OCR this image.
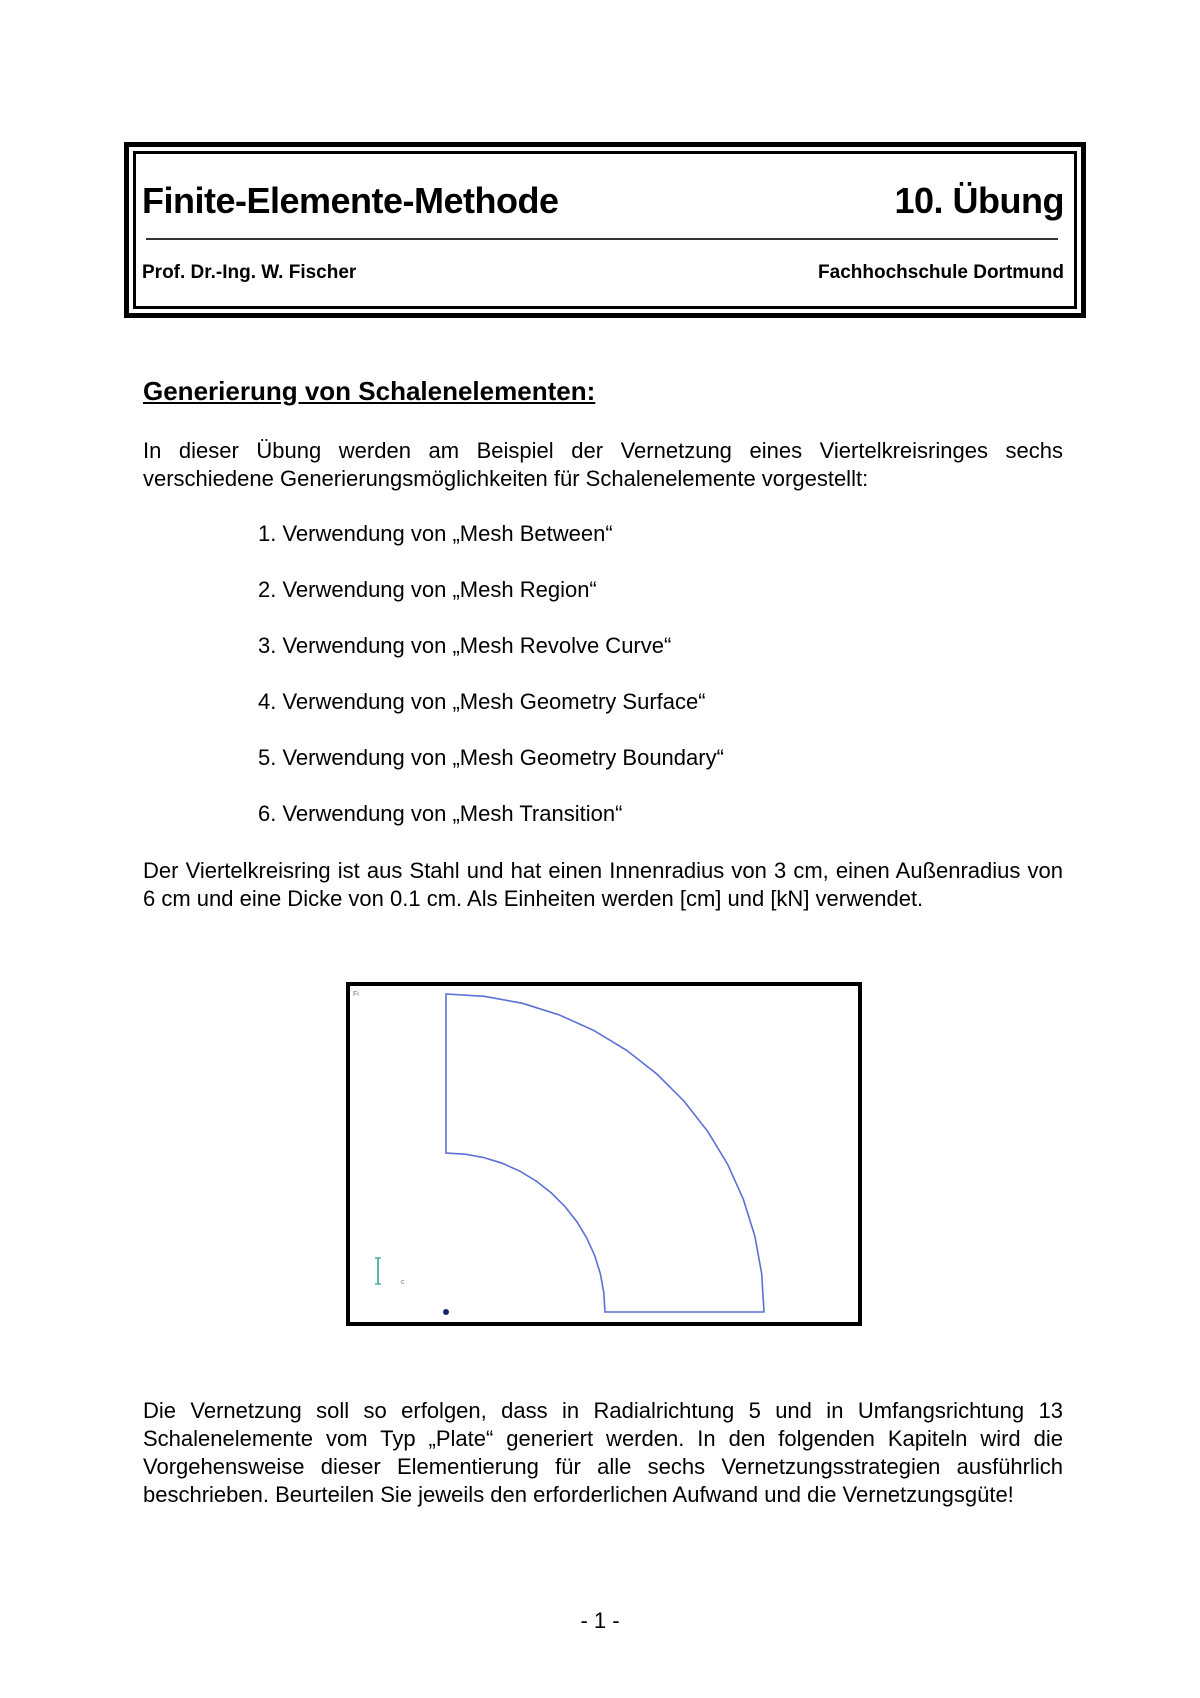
Finite-Elemente-Methode	10. Übung
Prof. Dr.-Ing. W. Fischer	Fachhochschule Dortmund
Generierung von Schalenelementen:
In dieser Übung werden am Beispiel der Vernetzung eines Viertelkreisringes sechs verschiedene Generierungsmöglichkeiten für Schalenelemente vorgestellt:
1. Verwendung von „Mesh Between“
2. Verwendung von „Mesh Region“
3. Verwendung von „Mesh Revolve Curve“
4. Verwendung von „Mesh Geometry Surface“
5. Verwendung von „Mesh Geometry Boundary“
6. Verwendung von „Mesh Transition“
Der Viertelkreisring ist aus Stahl und hat einen Innenradius von 3 cm, einen Außenradius von 6 cm und eine Dicke von 0.1 cm. Als Einheiten werden [cm] und [kN] verwendet.
c
Fi
Die Vernetzung soll so erfolgen, dass in Radialrichtung 5 und in Umfangsrichtung 13 Schalenelemente vom Typ „Plate“ generiert werden. In den folgenden Kapiteln wird die Vorgehensweise dieser Elementierung für alle sechs Vernetzungsstrategien ausführlich beschrieben. Beurteilen Sie jeweils den erforderlichen Aufwand und die Vernetzungsgüte!
- 1 -
